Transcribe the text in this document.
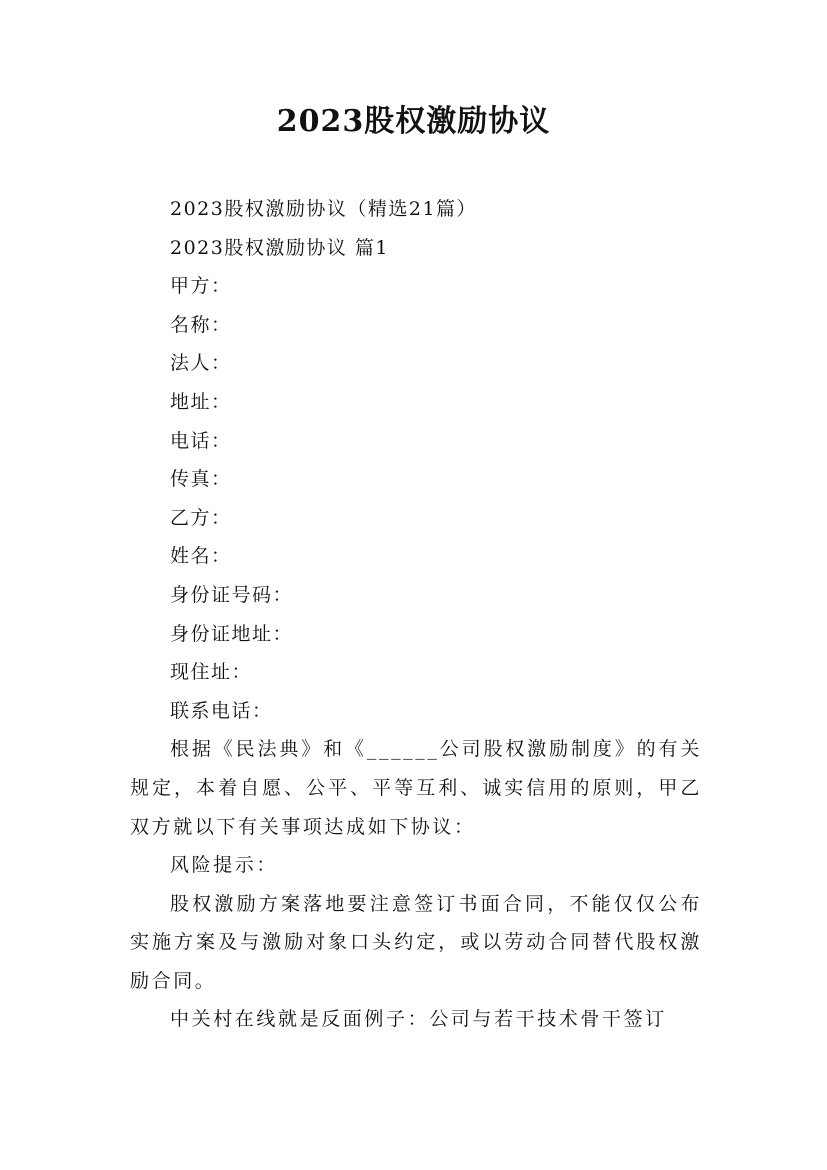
2023股权激励协议
2023股权激励协议（精选21篇）
2023股权激励协议 篇1
甲方：
名称：
法人：
地址：
电话：
传真：
乙方：
姓名：
身份证号码：
身份证地址：
现住址：
联系电话：
根据《民法典》和《______公司股权激励制度》的有关规定，本着自愿、公平、平等互利、诚实信用的原则，甲乙双方就以下有关事项达成如下协议：
风险提示：
股权激励方案落地要注意签订书面合同，不能仅仅公布实施方案及与激励对象口头约定，或以劳动合同替代股权激励合同。
中关村在线就是反面例子：公司与若干技术骨干签订
